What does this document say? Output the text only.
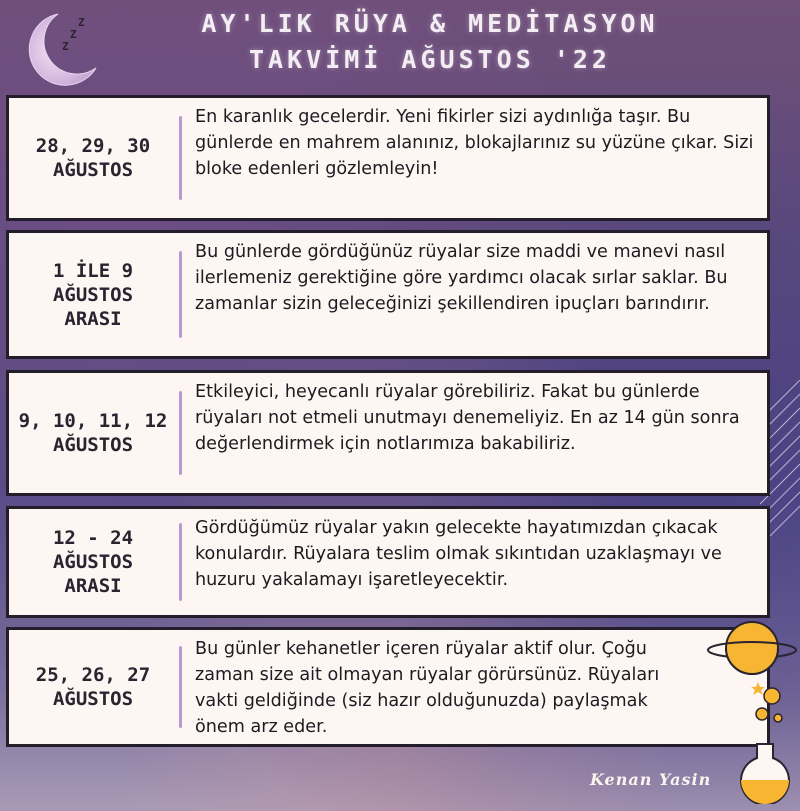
Z
Z
Z	AY'LIK RÜYA & MEDİTASYON
TAKVİMİ AĞUSTOS '22
28, 29, 30
AĞUSTOS
En karanlık gecelerdir. Yeni fikirler sizi aydınlığa taşır. Bu günlerde en mahrem alanınız, blokajlarınız su yüzüne çıkar. Sizi bloke edenleri gözlemleyin!
1 İLE 9
AĞUSTOS
ARASI
Bu günlerde gördüğünüz rüyalar size maddi ve manevi nasıl ilerlemeniz gerektiğine göre yardımcı olacak sırlar saklar. Bu zamanlar sizin geleceğinizi şekillendiren ipuçları barındırır.
9, 10, 11, 12
AĞUSTOS
Etkileyici, heyecanlı rüyalar görebiliriz. Fakat bu günlerde rüyaları not etmeli unutmayı denemeliyiz. En az 14 gün sonra değerlendirmek için notlarımıza bakabiliriz.
12 - 24
AĞUSTOS
ARASI
Gördüğümüz rüyalar yakın gelecekte hayatımızdan çıkacak konulardır. Rüyalara teslim olmak sıkıntıdan uzaklaşmayı ve huzuru yakalamayı işaretleyecektir.
25, 26, 27
AĞUSTOS
Bu günler kehanetler içeren rüyalar aktif olur. Çoğu zaman size ait olmayan rüyalar görürsünüz. Rüyaları vakti geldiğinde (siz hazır olduğunuzda) paylaşmak önem arz eder.
Kenan Yasin
